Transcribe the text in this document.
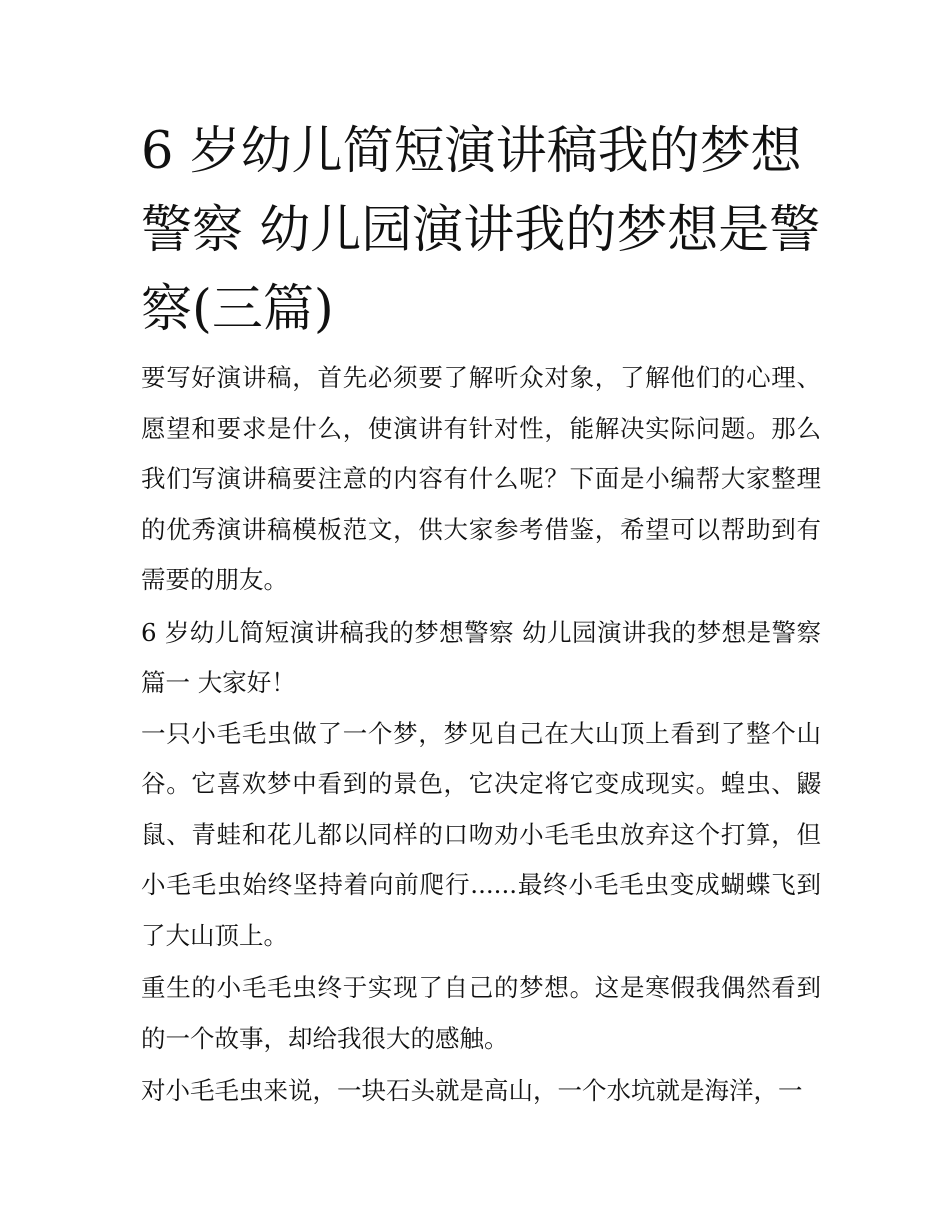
6 岁幼儿简短演讲稿我的梦想警察 幼儿园演讲我的梦想是警察(三篇)

要写好演讲稿，首先必须要了解听众对象，了解他们的心理、愿望和要求是什么，使演讲有针对性，能解决实际问题。那么我们写演讲稿要注意的内容有什么呢？下面是小编帮大家整理的优秀演讲稿模板范文，供大家参考借鉴，希望可以帮助到有需要的朋友。

6 岁幼儿简短演讲稿我的梦想警察 幼儿园演讲我的梦想是警察篇一 大家好！

一只小毛毛虫做了一个梦，梦见自己在大山顶上看到了整个山谷。它喜欢梦中看到的景色，它决定将它变成现实。蝗虫、鼹鼠、青蛙和花儿都以同样的口吻劝小毛毛虫放弃这个打算，但小毛毛虫始终坚持着向前爬行......最终小毛毛虫变成蝴蝶飞到了大山顶上。

重生的小毛毛虫终于实现了自己的梦想。这是寒假我偶然看到的一个故事，却给我很大的感触。

对小毛毛虫来说，一块石头就是高山，一个水坑就是海洋，一
